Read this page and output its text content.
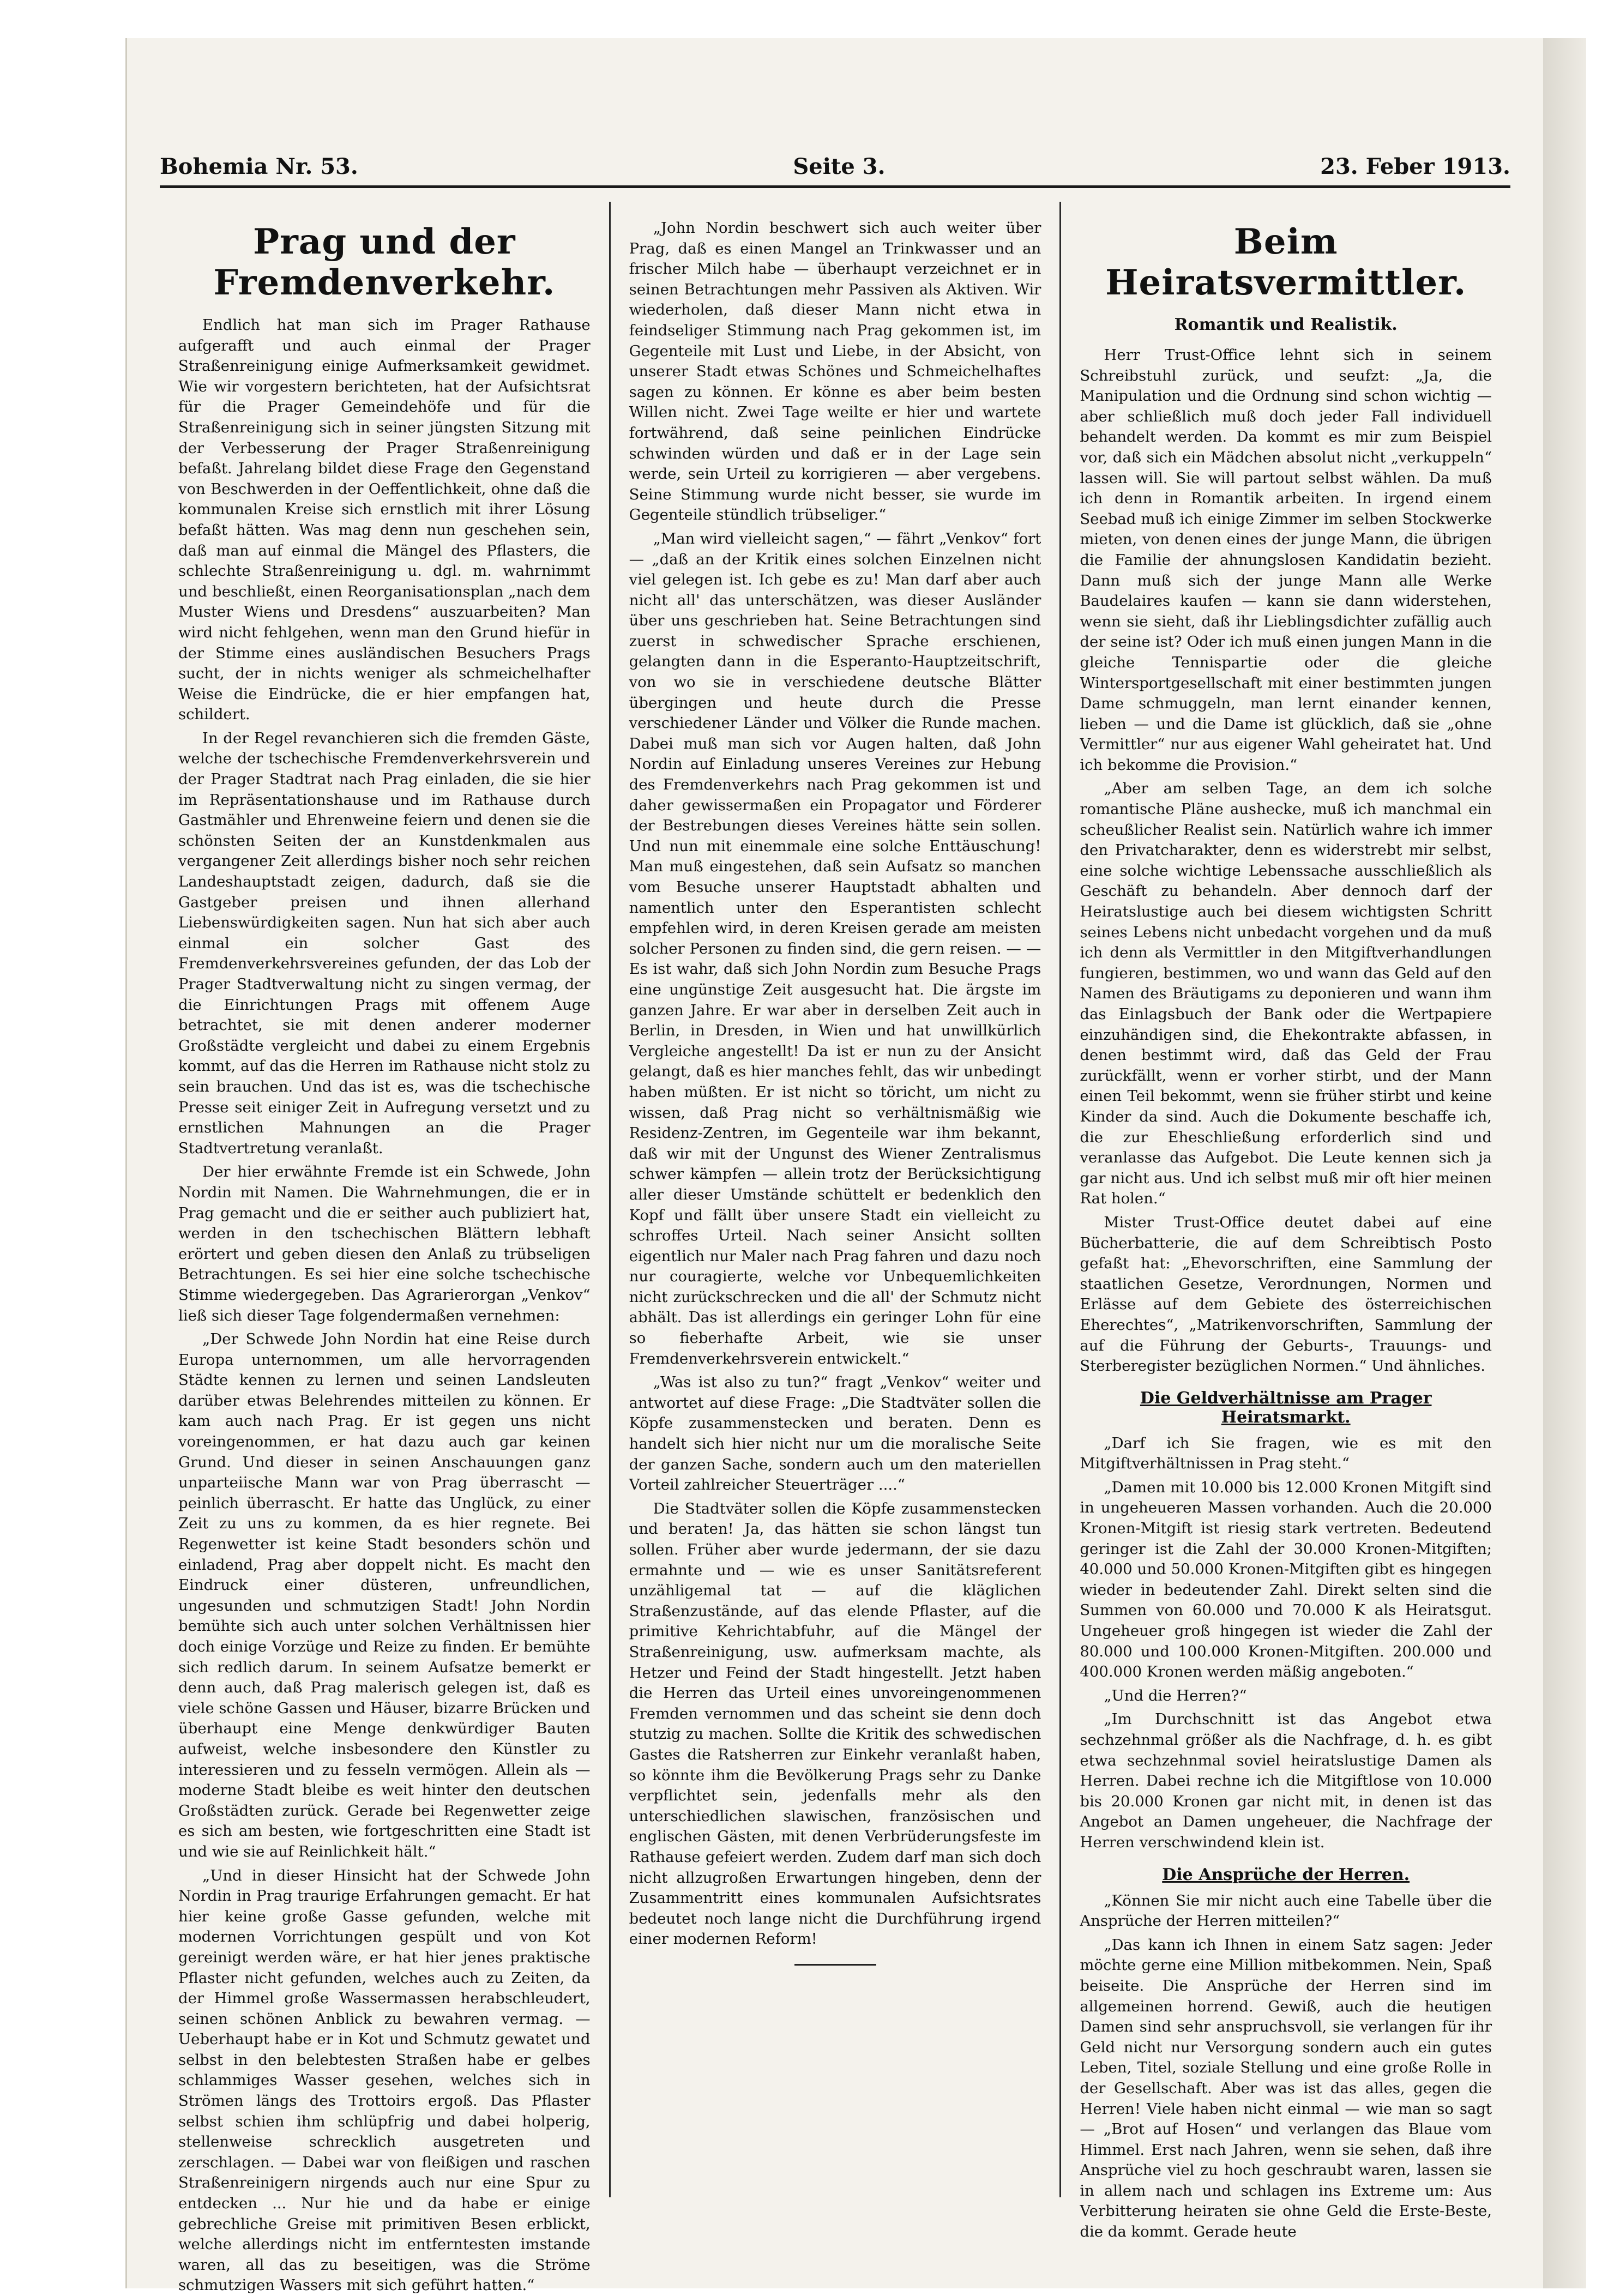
Bohemia Nr. 53.	Seite 3.	23. Feber 1913.
Prag und der Fremdenverkehr.

Endlich hat man sich im Prager Rathause aufgerafft und auch einmal der Prager Straßenreinigung einige Aufmerksamkeit gewidmet. Wie wir vorgestern berichteten, hat der Aufsichtsrat für die Prager Gemeindehöfe und für die Straßenreinigung sich in seiner jüngsten Sitzung mit der Verbesserung der Prager Straßenreinigung befaßt. Jahrelang bildet diese Frage den Gegenstand von Beschwerden in der Oeffentlichkeit, ohne daß die kommunalen Kreise sich ernstlich mit ihrer Lösung befaßt hätten. Was mag denn nun geschehen sein, daß man auf einmal die Mängel des Pflasters, die schlechte Straßenreinigung u. dgl. m. wahrnimmt und beschließt, einen Reorganisationsplan „nach dem Muster Wiens und Dresdens“ auszuarbeiten? Man wird nicht fehlgehen, wenn man den Grund hiefür in der Stimme eines ausländischen Besuchers Prags sucht, der in nichts weniger als schmeichelhafter Weise die Eindrücke, die er hier empfangen hat, schildert.

In der Regel revanchieren sich die fremden Gäste, welche der tschechische Fremdenverkehrsverein und der Prager Stadtrat nach Prag einladen, die sie hier im Repräsentationshause und im Rathause durch Gastmähler und Ehrenweine feiern und denen sie die schönsten Seiten der an Kunstdenkmalen aus vergangener Zeit allerdings bisher noch sehr reichen Landeshauptstadt zeigen, dadurch, daß sie die Gastgeber preisen und ihnen allerhand Liebenswürdigkeiten sagen. Nun hat sich aber auch einmal ein solcher Gast des Fremdenverkehrsvereines gefunden, der das Lob der Prager Stadtverwaltung nicht zu singen vermag, der die Einrichtungen Prags mit offenem Auge betrachtet, sie mit denen anderer moderner Großstädte vergleicht und dabei zu einem Ergebnis kommt, auf das die Herren im Rathause nicht stolz zu sein brauchen. Und das ist es, was die tschechische Presse seit einiger Zeit in Aufregung versetzt und zu ernstlichen Mahnungen an die Prager Stadtvertretung veranlaßt.

Der hier erwähnte Fremde ist ein Schwede, John Nordin mit Namen. Die Wahrnehmungen, die er in Prag gemacht und die er seither auch publiziert hat, werden in den tschechischen Blättern lebhaft erörtert und geben diesen den Anlaß zu trübseligen Betrachtungen. Es sei hier eine solche tschechische Stimme wiedergegeben. Das Agrarierorgan „Venkov“ ließ sich dieser Tage folgendermaßen vernehmen:

„Der Schwede John Nordin hat eine Reise durch Europa unternommen, um alle hervorragenden Städte kennen zu lernen und seinen Landsleuten darüber etwas Belehrendes mitteilen zu können. Er kam auch nach Prag. Er ist gegen uns nicht voreingenommen, er hat dazu auch gar keinen Grund. Und dieser in seinen Anschauungen ganz unparteiische Mann war von Prag überrascht — peinlich überrascht. Er hatte das Unglück, zu einer Zeit zu uns zu kommen, da es hier regnete. Bei Regenwetter ist keine Stadt besonders schön und einladend, Prag aber doppelt nicht. Es macht den Eindruck einer düsteren, unfreundlichen, ungesunden und schmutzigen Stadt! John Nordin bemühte sich auch unter solchen Verhältnissen hier doch einige Vorzüge und Reize zu finden. Er bemühte sich redlich darum. In seinem Aufsatze bemerkt er denn auch, daß Prag malerisch gelegen ist, daß es viele schöne Gassen und Häuser, bizarre Brücken und überhaupt eine Menge denkwürdiger Bauten aufweist, welche insbesondere den Künstler zu interessieren und zu fesseln vermögen. Allein als — moderne Stadt bleibe es weit hinter den deutschen Großstädten zurück. Gerade bei Regenwetter zeige es sich am besten, wie fortgeschritten eine Stadt ist und wie sie auf Reinlichkeit hält.“

„Und in dieser Hinsicht hat der Schwede John Nordin in Prag traurige Erfahrungen gemacht. Er hat hier keine große Gasse gefunden, welche mit modernen Vorrichtungen gespült und von Kot gereinigt werden wäre, er hat hier jenes praktische Pflaster nicht gefunden, welches auch zu Zeiten, da der Himmel große Wassermassen herabschleudert, seinen schönen Anblick zu bewahren vermag. — Ueberhaupt habe er in Kot und Schmutz gewatet und selbst in den belebtesten Straßen habe er gelbes schlammiges Wasser gesehen, welches sich in Strömen längs des Trottoirs ergoß. Das Pflaster selbst schien ihm schlüpfrig und dabei holperig, stellenweise schrecklich ausgetreten und zerschlagen. — Dabei war von fleißigen und raschen Straßenreinigern nirgends auch nur eine Spur zu entdecken ... Nur hie und da habe er einige gebrechliche Greise mit primitiven Besen erblickt, welche allerdings nicht im entferntesten imstande waren, all das zu beseitigen, was die Ströme schmutzigen Wassers mit sich geführt hatten.“

„John Nordin beschwert sich auch weiter über Prag, daß es einen Mangel an Trinkwasser und an frischer Milch habe — überhaupt verzeichnet er in seinen Betrachtungen mehr Passiven als Aktiven. Wir wiederholen, daß dieser Mann nicht etwa in feindseliger Stimmung nach Prag gekommen ist, im Gegenteile mit Lust und Liebe, in der Absicht, von unserer Stadt etwas Schönes und Schmeichelhaftes sagen zu können. Er könne es aber beim besten Willen nicht. Zwei Tage weilte er hier und wartete fortwährend, daß seine peinlichen Eindrücke schwinden würden und daß er in der Lage sein werde, sein Urteil zu korrigieren — aber vergebens. Seine Stimmung wurde nicht besser, sie wurde im Gegenteile stündlich trübseliger.“

„Man wird vielleicht sagen,“ — fährt „Venkov“ fort — „daß an der Kritik eines solchen Einzelnen nicht viel gelegen ist. Ich gebe es zu! Man darf aber auch nicht all' das unterschätzen, was dieser Ausländer über uns geschrieben hat. Seine Betrachtungen sind zuerst in schwedischer Sprache erschienen, gelangten dann in die Esperanto-Hauptzeitschrift, von wo sie in verschiedene deutsche Blätter übergingen und heute durch die Presse verschiedener Länder und Völker die Runde machen. Dabei muß man sich vor Augen halten, daß John Nordin auf Einladung unseres Vereines zur Hebung des Fremdenverkehrs nach Prag gekommen ist und daher gewissermaßen ein Propagator und Förderer der Bestrebungen dieses Vereines hätte sein sollen. Und nun mit einemmale eine solche Enttäuschung! Man muß eingestehen, daß sein Aufsatz so manchen vom Besuche unserer Hauptstadt abhalten und namentlich unter den Esperantisten schlecht empfehlen wird, in deren Kreisen gerade am meisten solcher Personen zu finden sind, die gern reisen. — — Es ist wahr, daß sich John Nordin zum Besuche Prags eine ungünstige Zeit ausgesucht hat. Die ärgste im ganzen Jahre. Er war aber in derselben Zeit auch in Berlin, in Dresden, in Wien und hat unwillkürlich Vergleiche angestellt! Da ist er nun zu der Ansicht gelangt, daß es hier manches fehlt, das wir unbedingt haben müßten. Er ist nicht so töricht, um nicht zu wissen, daß Prag nicht so verhältnismäßig wie Residenz-Zentren, im Gegenteile war ihm bekannt, daß wir mit der Ungunst des Wiener Zentralismus schwer kämpfen — allein trotz der Berücksichtigung aller dieser Umstände schüttelt er bedenklich den Kopf und fällt über unsere Stadt ein vielleicht zu schroffes Urteil. Nach seiner Ansicht sollten eigentlich nur Maler nach Prag fahren und dazu noch nur couragierte, welche vor Unbequemlichkeiten nicht zurückschrecken und die all' der Schmutz nicht abhält. Das ist allerdings ein geringer Lohn für eine so fieberhafte Arbeit, wie sie unser Fremdenverkehrsverein entwickelt.“

„Was ist also zu tun?“ fragt „Venkov“ weiter und antwortet auf diese Frage: „Die Stadtväter sollen die Köpfe zusammenstecken und beraten. Denn es handelt sich hier nicht nur um die moralische Seite der ganzen Sache, sondern auch um den materiellen Vorteil zahlreicher Steuerträger ....“

Die Stadtväter sollen die Köpfe zusammenstecken und beraten! Ja, das hätten sie schon längst tun sollen. Früher aber wurde jedermann, der sie dazu ermahnte und — wie es unser Sanitätsreferent unzähligemal tat — auf die kläglichen Straßenzustände, auf das elende Pflaster, auf die primitive Kehrichtabfuhr, auf die Mängel der Straßenreinigung, usw. aufmerksam machte, als Hetzer und Feind der Stadt hingestellt. Jetzt haben die Herren das Urteil eines unvoreingenommenen Fremden vernommen und das scheint sie denn doch stutzig zu machen. Sollte die Kritik des schwedischen Gastes die Ratsherren zur Einkehr veranlaßt haben, so könnte ihm die Bevölkerung Prags sehr zu Danke verpflichtet sein, jedenfalls mehr als den unterschiedlichen slawischen, französischen und englischen Gästen, mit denen Verbrüderungsfeste im Rathause gefeiert werden. Zudem darf man sich doch nicht allzugroßen Erwartungen hingeben, denn der Zusammentritt eines kommunalen Aufsichtsrates bedeutet noch lange nicht die Durchführung irgend einer modernen Reform!

Beim Heiratsvermittler.
Romantik und Realistik.

Herr Trust-Office lehnt sich in seinem Schreibstuhl zurück, und seufzt: „Ja, die Manipulation und die Ordnung sind schon wichtig — aber schließlich muß doch jeder Fall individuell behandelt werden. Da kommt es mir zum Beispiel vor, daß sich ein Mädchen absolut nicht „verkuppeln“ lassen will. Sie will partout selbst wählen. Da muß ich denn in Romantik arbeiten. In irgend einem Seebad muß ich einige Zimmer im selben Stockwerke mieten, von denen eines der junge Mann, die übrigen die Familie der ahnungslosen Kandidatin bezieht. Dann muß sich der junge Mann alle Werke Baudelaires kaufen — kann sie dann widerstehen, wenn sie sieht, daß ihr Lieblingsdichter zufällig auch der seine ist? Oder ich muß einen jungen Mann in die gleiche Tennispartie oder die gleiche Wintersportgesellschaft mit einer bestimmten jungen Dame schmuggeln, man lernt einander kennen, lieben — und die Dame ist glücklich, daß sie „ohne Vermittler“ nur aus eigener Wahl geheiratet hat. Und ich bekomme die Provision.“

„Aber am selben Tage, an dem ich solche romantische Pläne aushecke, muß ich manchmal ein scheußlicher Realist sein. Natürlich wahre ich immer den Privatcharakter, denn es widerstrebt mir selbst, eine solche wichtige Lebenssache ausschließlich als Geschäft zu behandeln. Aber dennoch darf der Heiratslustige auch bei diesem wichtigsten Schritt seines Lebens nicht unbedacht vorgehen und da muß ich denn als Vermittler in den Mitgiftverhandlungen fungieren, bestimmen, wo und wann das Geld auf den Namen des Bräutigams zu deponieren und wann ihm das Einlagsbuch der Bank oder die Wertpapiere einzuhändigen sind, die Ehekontrakte abfassen, in denen bestimmt wird, daß das Geld der Frau zurückfällt, wenn er vorher stirbt, und der Mann einen Teil bekommt, wenn sie früher stirbt und keine Kinder da sind. Auch die Dokumente beschaffe ich, die zur Eheschließung erforderlich sind und veranlasse das Aufgebot. Die Leute kennen sich ja gar nicht aus. Und ich selbst muß mir oft hier meinen Rat holen.“

Mister Trust-Office deutet dabei auf eine Bücherbatterie, die auf dem Schreibtisch Posto gefaßt hat: „Ehevorschriften, eine Sammlung der staatlichen Gesetze, Verordnungen, Normen und Erlässe auf dem Gebiete des österreichischen Eherechtes“, „Matrikenvorschriften, Sammlung der auf die Führung der Geburts-, Trauungs- und Sterberegister bezüglichen Normen.“ Und ähnliches.

Die Geldverhältnisse am Prager Heiratsmarkt.

„Darf ich Sie fragen, wie es mit den Mitgiftverhältnissen in Prag steht.“

„Damen mit 10.000 bis 12.000 Kronen Mitgift sind in ungeheueren Massen vorhanden. Auch die 20.000 Kronen-Mitgift ist riesig stark vertreten. Bedeutend geringer ist die Zahl der 30.000 Kronen-Mitgiften; 40.000 und 50.000 Kronen-Mitgiften gibt es hingegen wieder in bedeutender Zahl. Direkt selten sind die Summen von 60.000 und 70.000 K als Heiratsgut. Ungeheuer groß hingegen ist wieder die Zahl der 80.000 und 100.000 Kronen-Mitgiften. 200.000 und 400.000 Kronen werden mäßig angeboten.“

„Und die Herren?“

„Im Durchschnitt ist das Angebot etwa sechzehnmal größer als die Nachfrage, d. h. es gibt etwa sechzehnmal soviel heiratslustige Damen als Herren. Dabei rechne ich die Mitgiftlose von 10.000 bis 20.000 Kronen gar nicht mit, in denen ist das Angebot an Damen ungeheuer, die Nachfrage der Herren verschwindend klein ist.

Die Ansprüche der Herren.

„Können Sie mir nicht auch eine Tabelle über die Ansprüche der Herren mitteilen?“

„Das kann ich Ihnen in einem Satz sagen: Jeder möchte gerne eine Million mitbekommen. Nein, Spaß beiseite. Die Ansprüche der Herren sind im allgemeinen horrend. Gewiß, auch die heutigen Damen sind sehr anspruchsvoll, sie verlangen für ihr Geld nicht nur Versorgung sondern auch ein gutes Leben, Titel, soziale Stellung und eine große Rolle in der Gesellschaft. Aber was ist das alles, gegen die Herren! Viele haben nicht einmal — wie man so sagt — „Brot auf Hosen“ und verlangen das Blaue vom Himmel. Erst nach Jahren, wenn sie sehen, daß ihre Ansprüche viel zu hoch geschraubt waren, lassen sie in allem nach und schlagen ins Extreme um: Aus Verbitterung heiraten sie ohne Geld die Erste-Beste, die da kommt. Gerade heute
